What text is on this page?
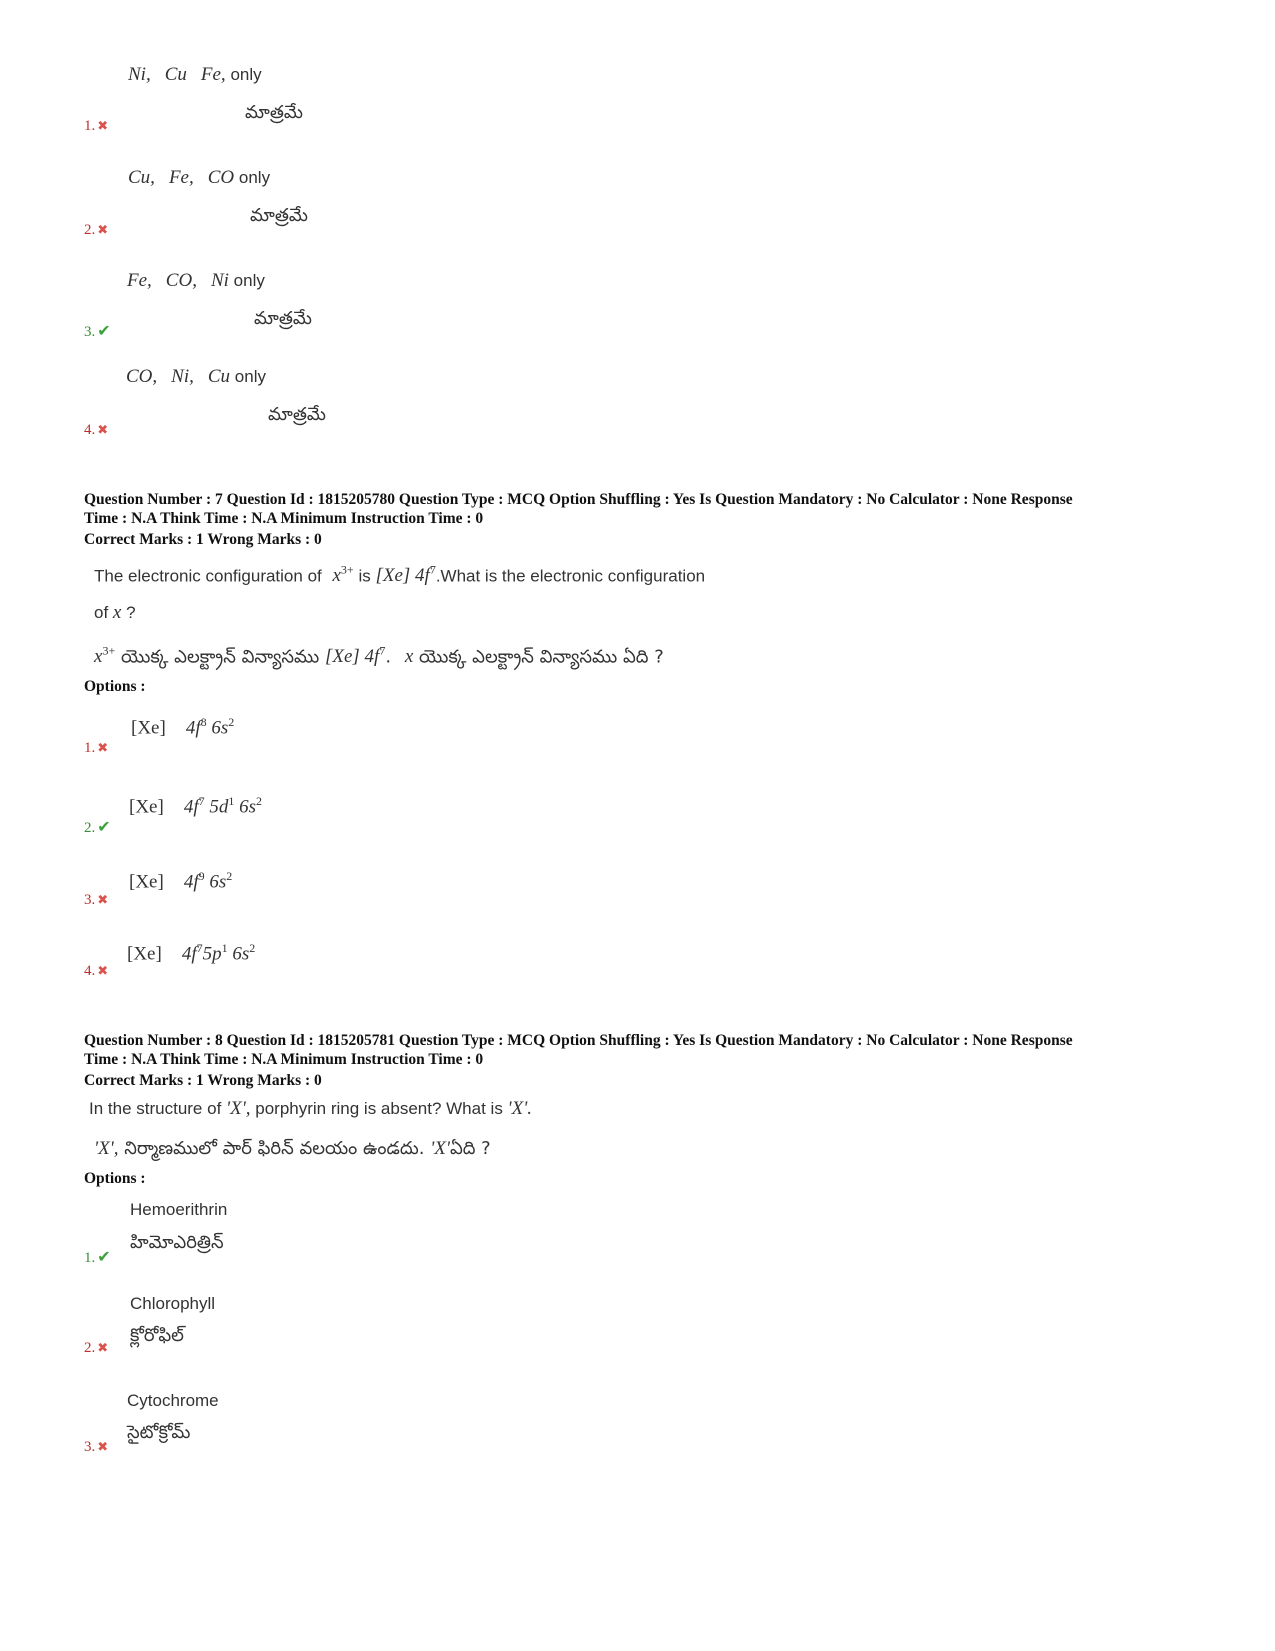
Ni, Cu Fe, only
మాత్రమే
1. ✖
Cu, Fe, CO only
మాత్రమే
2. ✖
Fe, CO, Ni only
మాత్రమే
3. ✔
CO, Ni, Cu only
మాత్రమే
4. ✖
Question Number : 7 Question Id : 1815205780 Question Type : MCQ Option Shuffling : Yes Is Question Mandatory : No Calculator : None Response
Time : N.A Think Time : N.A Minimum Instruction Time : 0
Correct Marks : 1 Wrong Marks : 0
The electronic configuration of $x^{3+}$ is [Xe] $4f^7.What$ is the electronic configuration
of x ?
$x^{3+}$ యొక్క ఎలక్ట్రాన్ విన్యాసము [Xe] $4f^7$. x యొక్క ఎలక్ట్రాన్ విన్యాసము ఏది ?
Options :
[Xe] $4f^8$ $6s^2$
1. ✖
[Xe] $4f^7$ $5d^1$ $6s^2$
2. ✔
[Xe] $4f^9$ $6s^2$
3. ✖
[Xe] $4f^75p^1$ $6s^2$
4. ✖
Question Number : 8 Question Id : 1815205781 Question Type : MCQ Option Shuffling : Yes Is Question Mandatory : No Calculator : None Response
Time : N.A Think Time : N.A Minimum Instruction Time : 0
Correct Marks : 1 Wrong Marks : 0
In the structure of 'X', porphyrin ring is absent? What is 'X'.
'X', నిర్మాణములో పార్ ఫిరిన్ వలయం ఉండదు. 'X'ఏది ?
Options :
Hemoerithrin
హిమోఎరిత్రిన్
1. ✔
Chlorophyll
క్లోరోఫిల్
2. ✖
Cytochrome
సైటోక్రోమ్
3. ✖
